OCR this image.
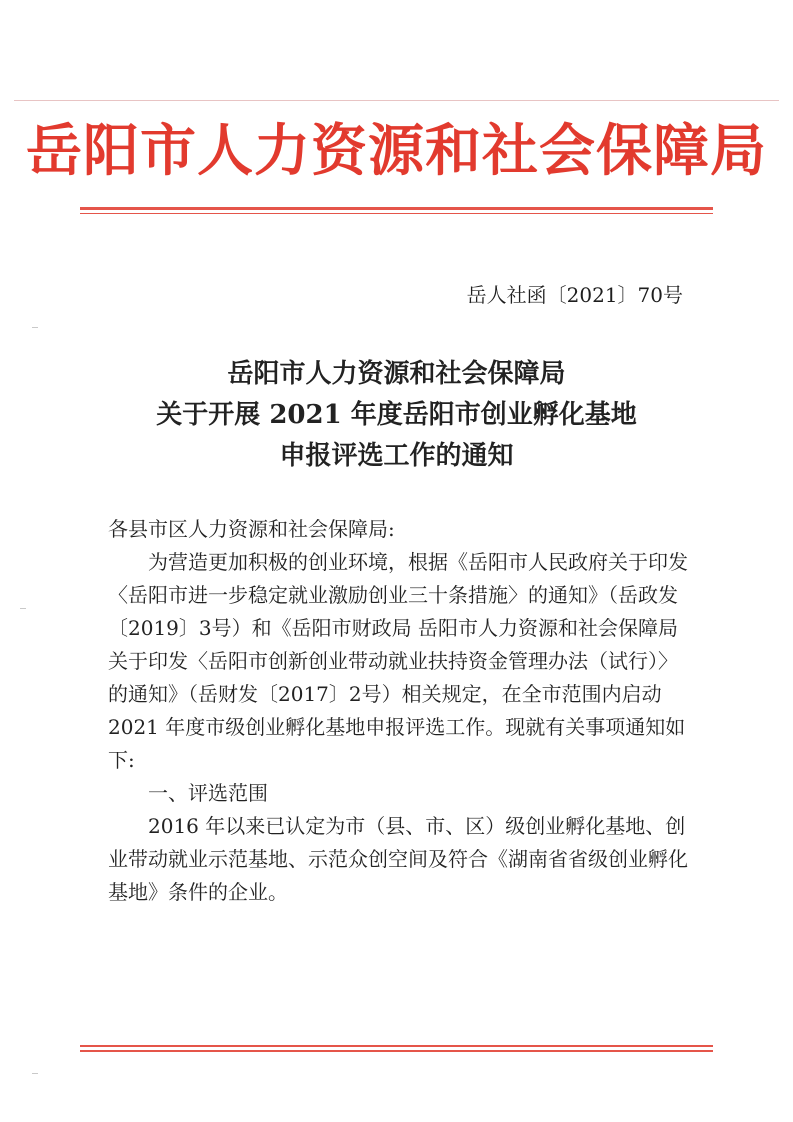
岳阳市人力资源和社会保障局
岳人社函〔2021〕70号
岳阳市人力资源和社会保障局
关于开展 2021 年度岳阳市创业孵化基地
申报评选工作的通知

各县市区人力资源和社会保障局:

为营造更加积极的创业环境，根据《岳阳市人民政府关于印发〈岳阳市进一步稳定就业激励创业三十条措施〉的通知》（岳政发〔2019〕3号）和《岳阳市财政局 岳阳市人力资源和社会保障局关于印发〈岳阳市创新创业带动就业扶持资金管理办法（试行）〉的通知》（岳财发〔2017〕2号）相关规定，在全市范围内启动 2021 年度市级创业孵化基地申报评选工作。现就有关事项通知如下:

一、评选范围

2016 年以来已认定为市（县、市、区）级创业孵化基地、创业带动就业示范基地、示范众创空间及符合《湖南省省级创业孵化基地》条件的企业。
